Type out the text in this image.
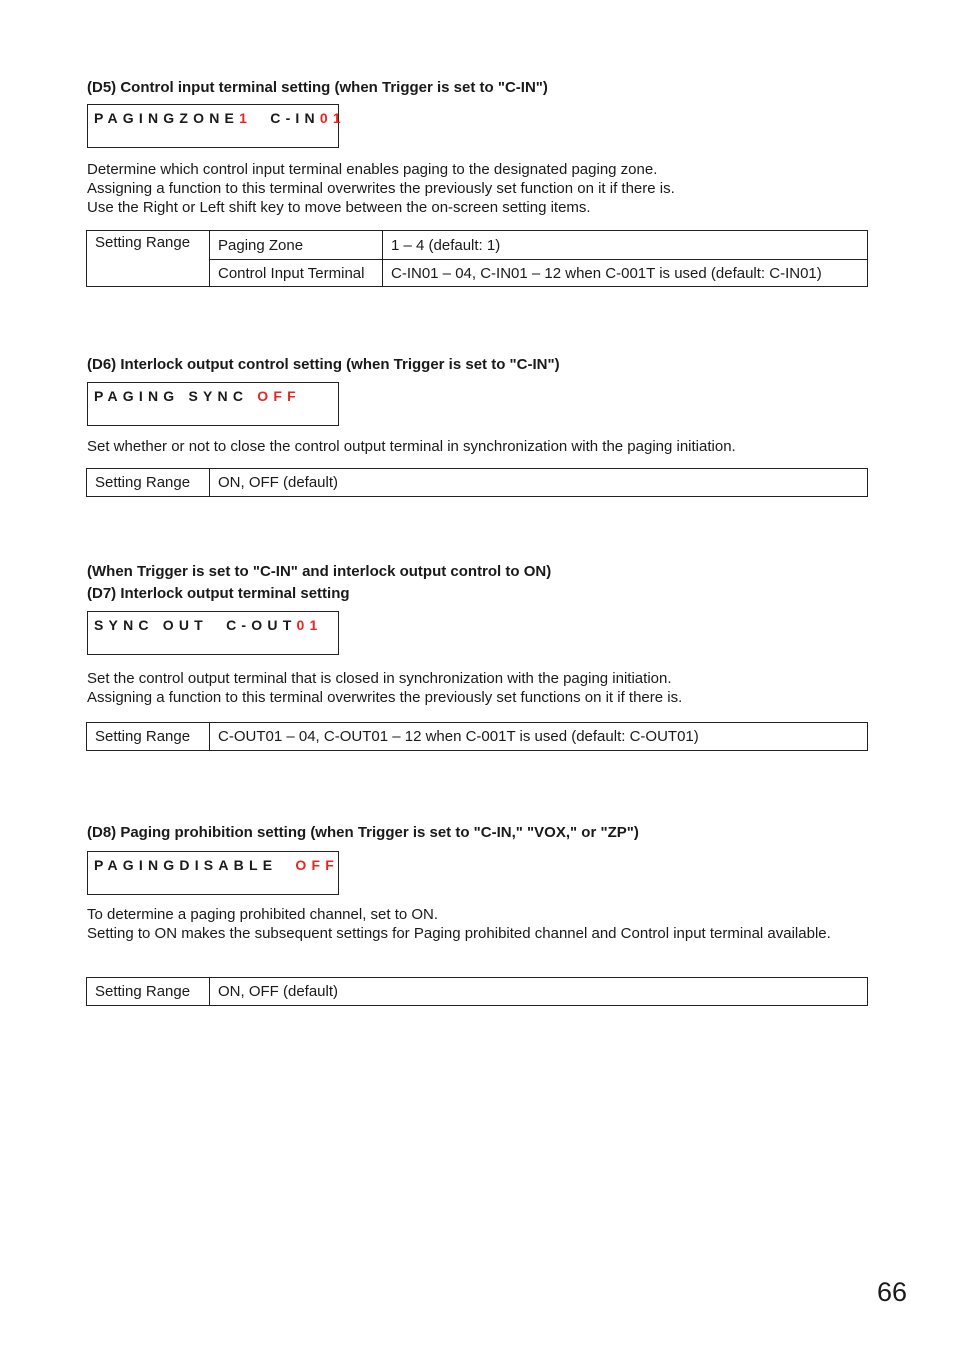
(D5) Control input terminal setting (when Trigger is set to "C-IN")
PAGINGZONE1  C-IN01

Determine which control input terminal enables paging to the designated paging zone.

Assigning a function to this terminal overwrites the previously set function on it if there is.

Use the Right or Left shift key to move between the on-screen setting items.

Setting Range	Paging Zone	1 – 4 (default: 1)
	Control Input Terminal	C-IN01 – 04, C-IN01 – 12 when C-001T is used (default: C-IN01)
(D6) Interlock output control setting (when Trigger is set to "C-IN")
PAGING SYNC OFF

Set whether or not to close the control output terminal in synchronization with the paging initiation.

Setting Range	ON, OFF (default)
(When Trigger is set to "C-IN" and interlock output control to ON)
(D7) Interlock output terminal setting
SYNC OUT  C-OUT01

Set the control output terminal that is closed in synchronization with the paging initiation.

Assigning a function to this terminal overwrites the previously set functions on it if there is.

Setting Range	C-OUT01 – 04, C-OUT01 – 12 when C-001T is used (default: C-OUT01)
(D8) Paging prohibition setting (when Trigger is set to "C-IN," "VOX," or "ZP")
PAGINGDISABLE  OFF

To determine a paging prohibited channel, set to ON.

Setting to ON makes the subsequent settings for Paging prohibited channel and Control input terminal available.

Setting Range	ON, OFF (default)
66
